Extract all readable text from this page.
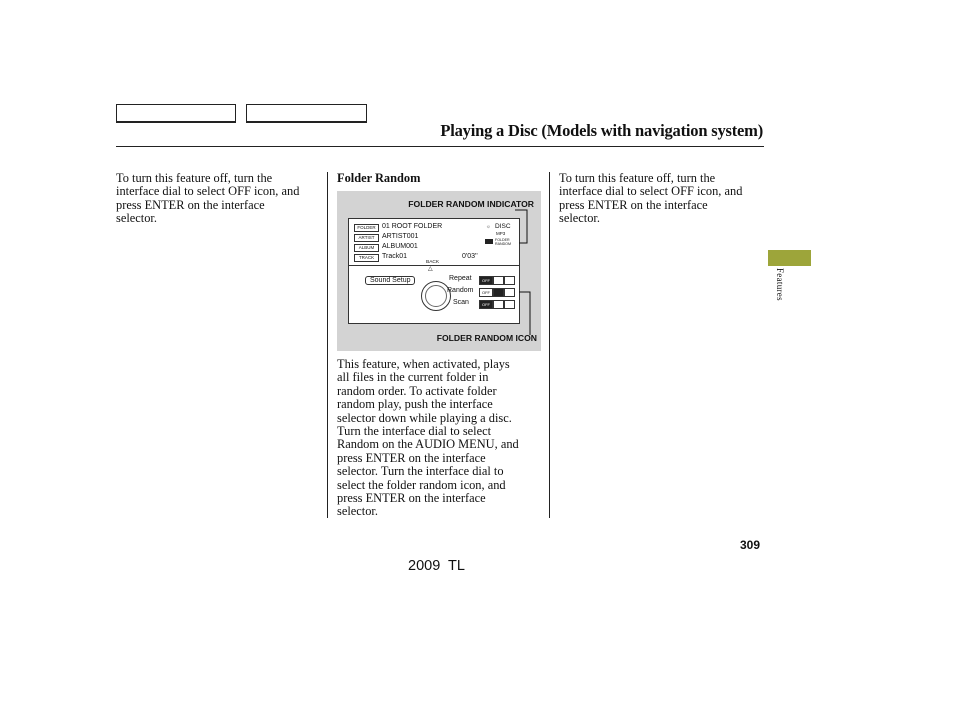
Playing a Disc (Models with navigation system)

To turn this feature off, turn the
interface dial to select OFF icon, and
press ENTER on the interface
selector.

Folder Random
FOLDER RANDOM INDICATOR
FOLDER 01 ROOT FOLDER
ARTIST	ARTIST001
ALBUM	ALBUM001
TRACK	Track01	0'03''
☼ DISC
MP3
FOLDER RANDOM
BACK
△
Sound Setup	Repeat
Random
Scan
OFF
OFF
OFF
FOLDER RANDOM ICON

This feature, when activated, plays
all files in the current folder in
random order. To activate folder
random play, push the interface
selector down while playing a disc.
Turn the interface dial to select
Random on the AUDIO MENU, and
press ENTER on the interface
selector. Turn the interface dial to
select the folder random icon, and
press ENTER on the interface
selector.

To turn this feature off, turn the
interface dial to select OFF icon, and
press ENTER on the interface
selector.

Features
309
2009  TL
